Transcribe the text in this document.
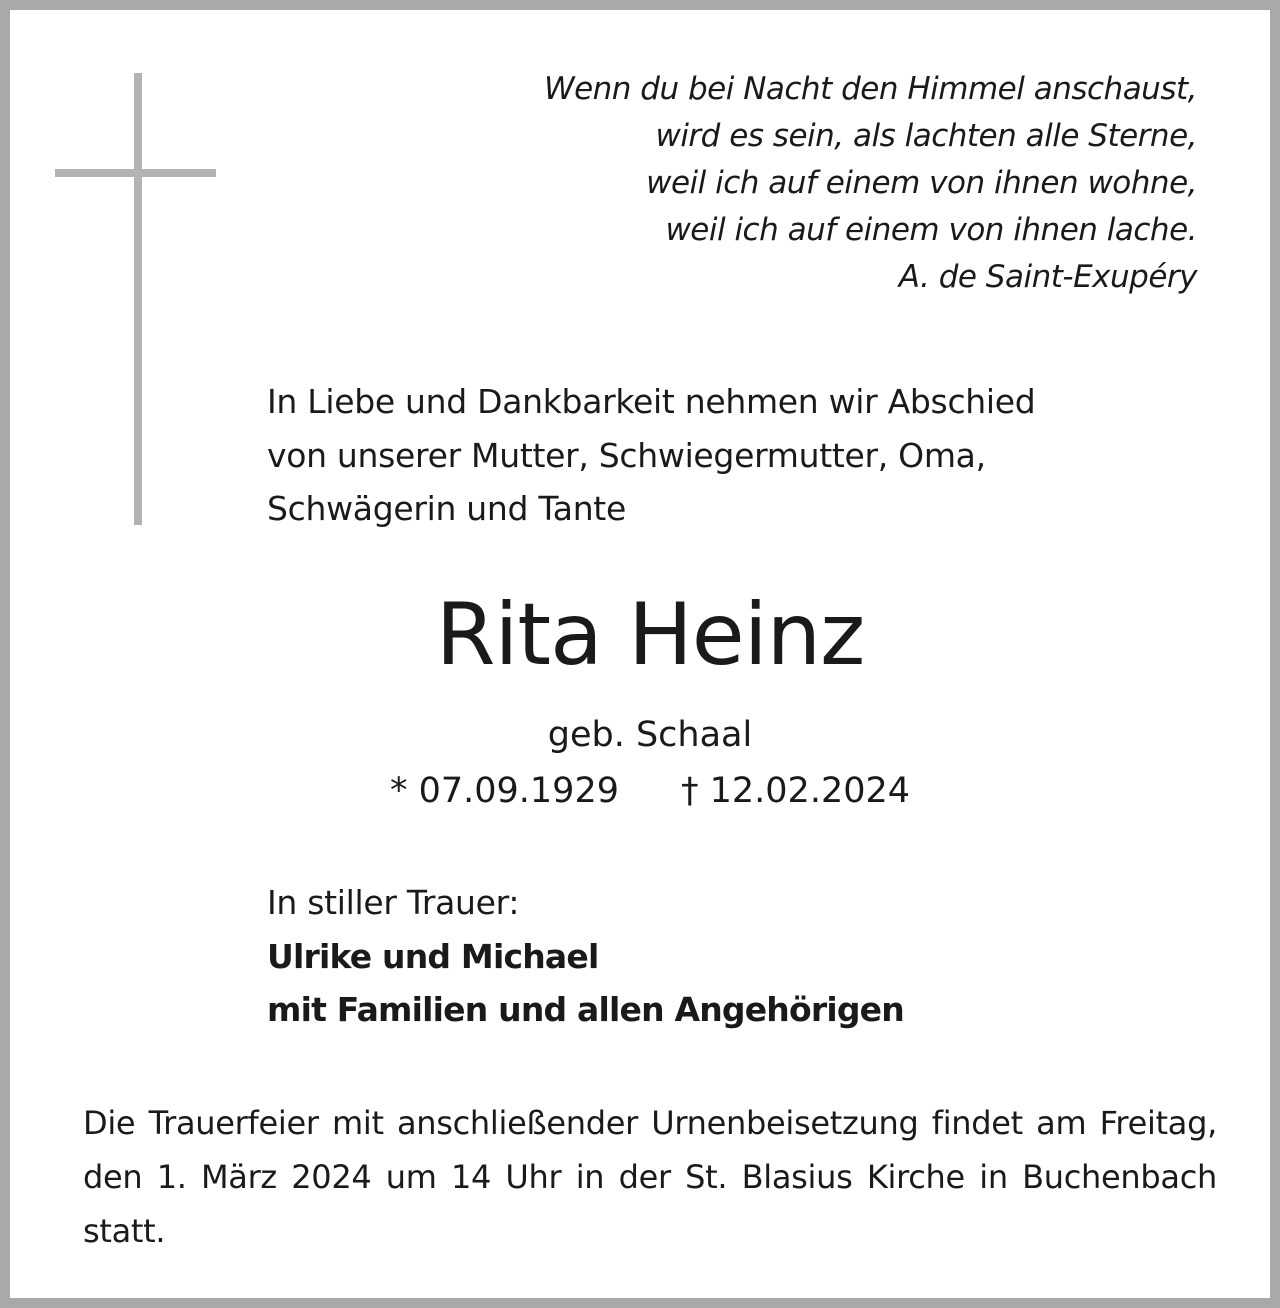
Wenn du bei Nacht den Himmel anschaust,
wird es sein, als lachten alle Sterne,
weil ich auf einem von ihnen wohne,
weil ich auf einem von ihnen lache.
A. de Saint-Exupéry
In Liebe und Dankbarkeit nehmen wir Abschied
von unserer Mutter, Schwiegermutter, Oma,
Schwägerin und Tante
Rita Heinz
geb. Schaal
* 07.09.1929 † 12.02.2024
In stiller Trauer:
Ulrike und Michael
mit Familien und allen Angehörigen
Die Trauerfeier mit anschließender Urnenbeisetzung findet am Freitag, den 1. März 2024 um 14 Uhr in der St. Blasius Kirche in Buchenbach statt.
